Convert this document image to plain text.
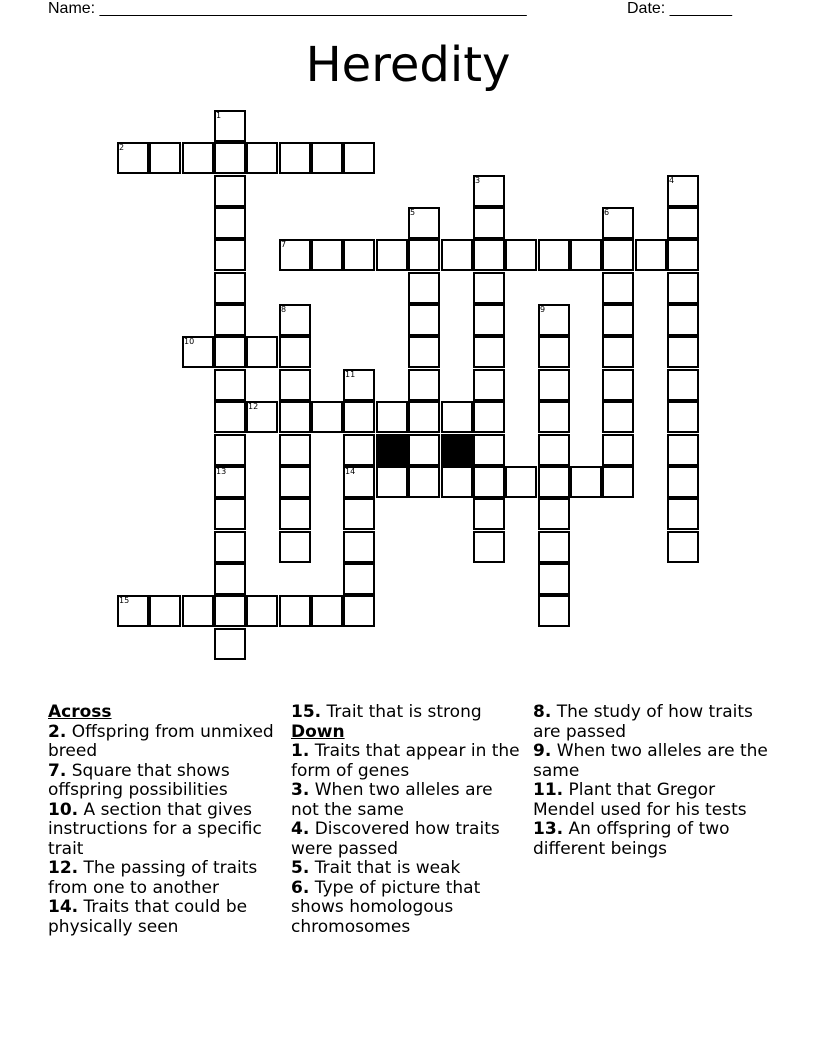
Name: ________________________________________________	Date: _______
Heredity
1
2
3	4
5	6
7
8	9
10
11
12
13	14
15
Across
2. Offspring from unmixed breed
7. Square that shows offspring possibilities
10. A section that gives instructions for a specific trait
12. The passing of traits from one to another
14. Traits that could be physically seen
15. Trait that is strong
Down
1. Traits that appear in the form of genes
3. When two alleles are not the same
4. Discovered how traits were passed
5. Trait that is weak
6. Type of picture that shows homologous chromosomes
8. The study of how traits are passed
9. When two alleles are the same
11. Plant that Gregor Mendel used for his tests
13. An offspring of two different beings
